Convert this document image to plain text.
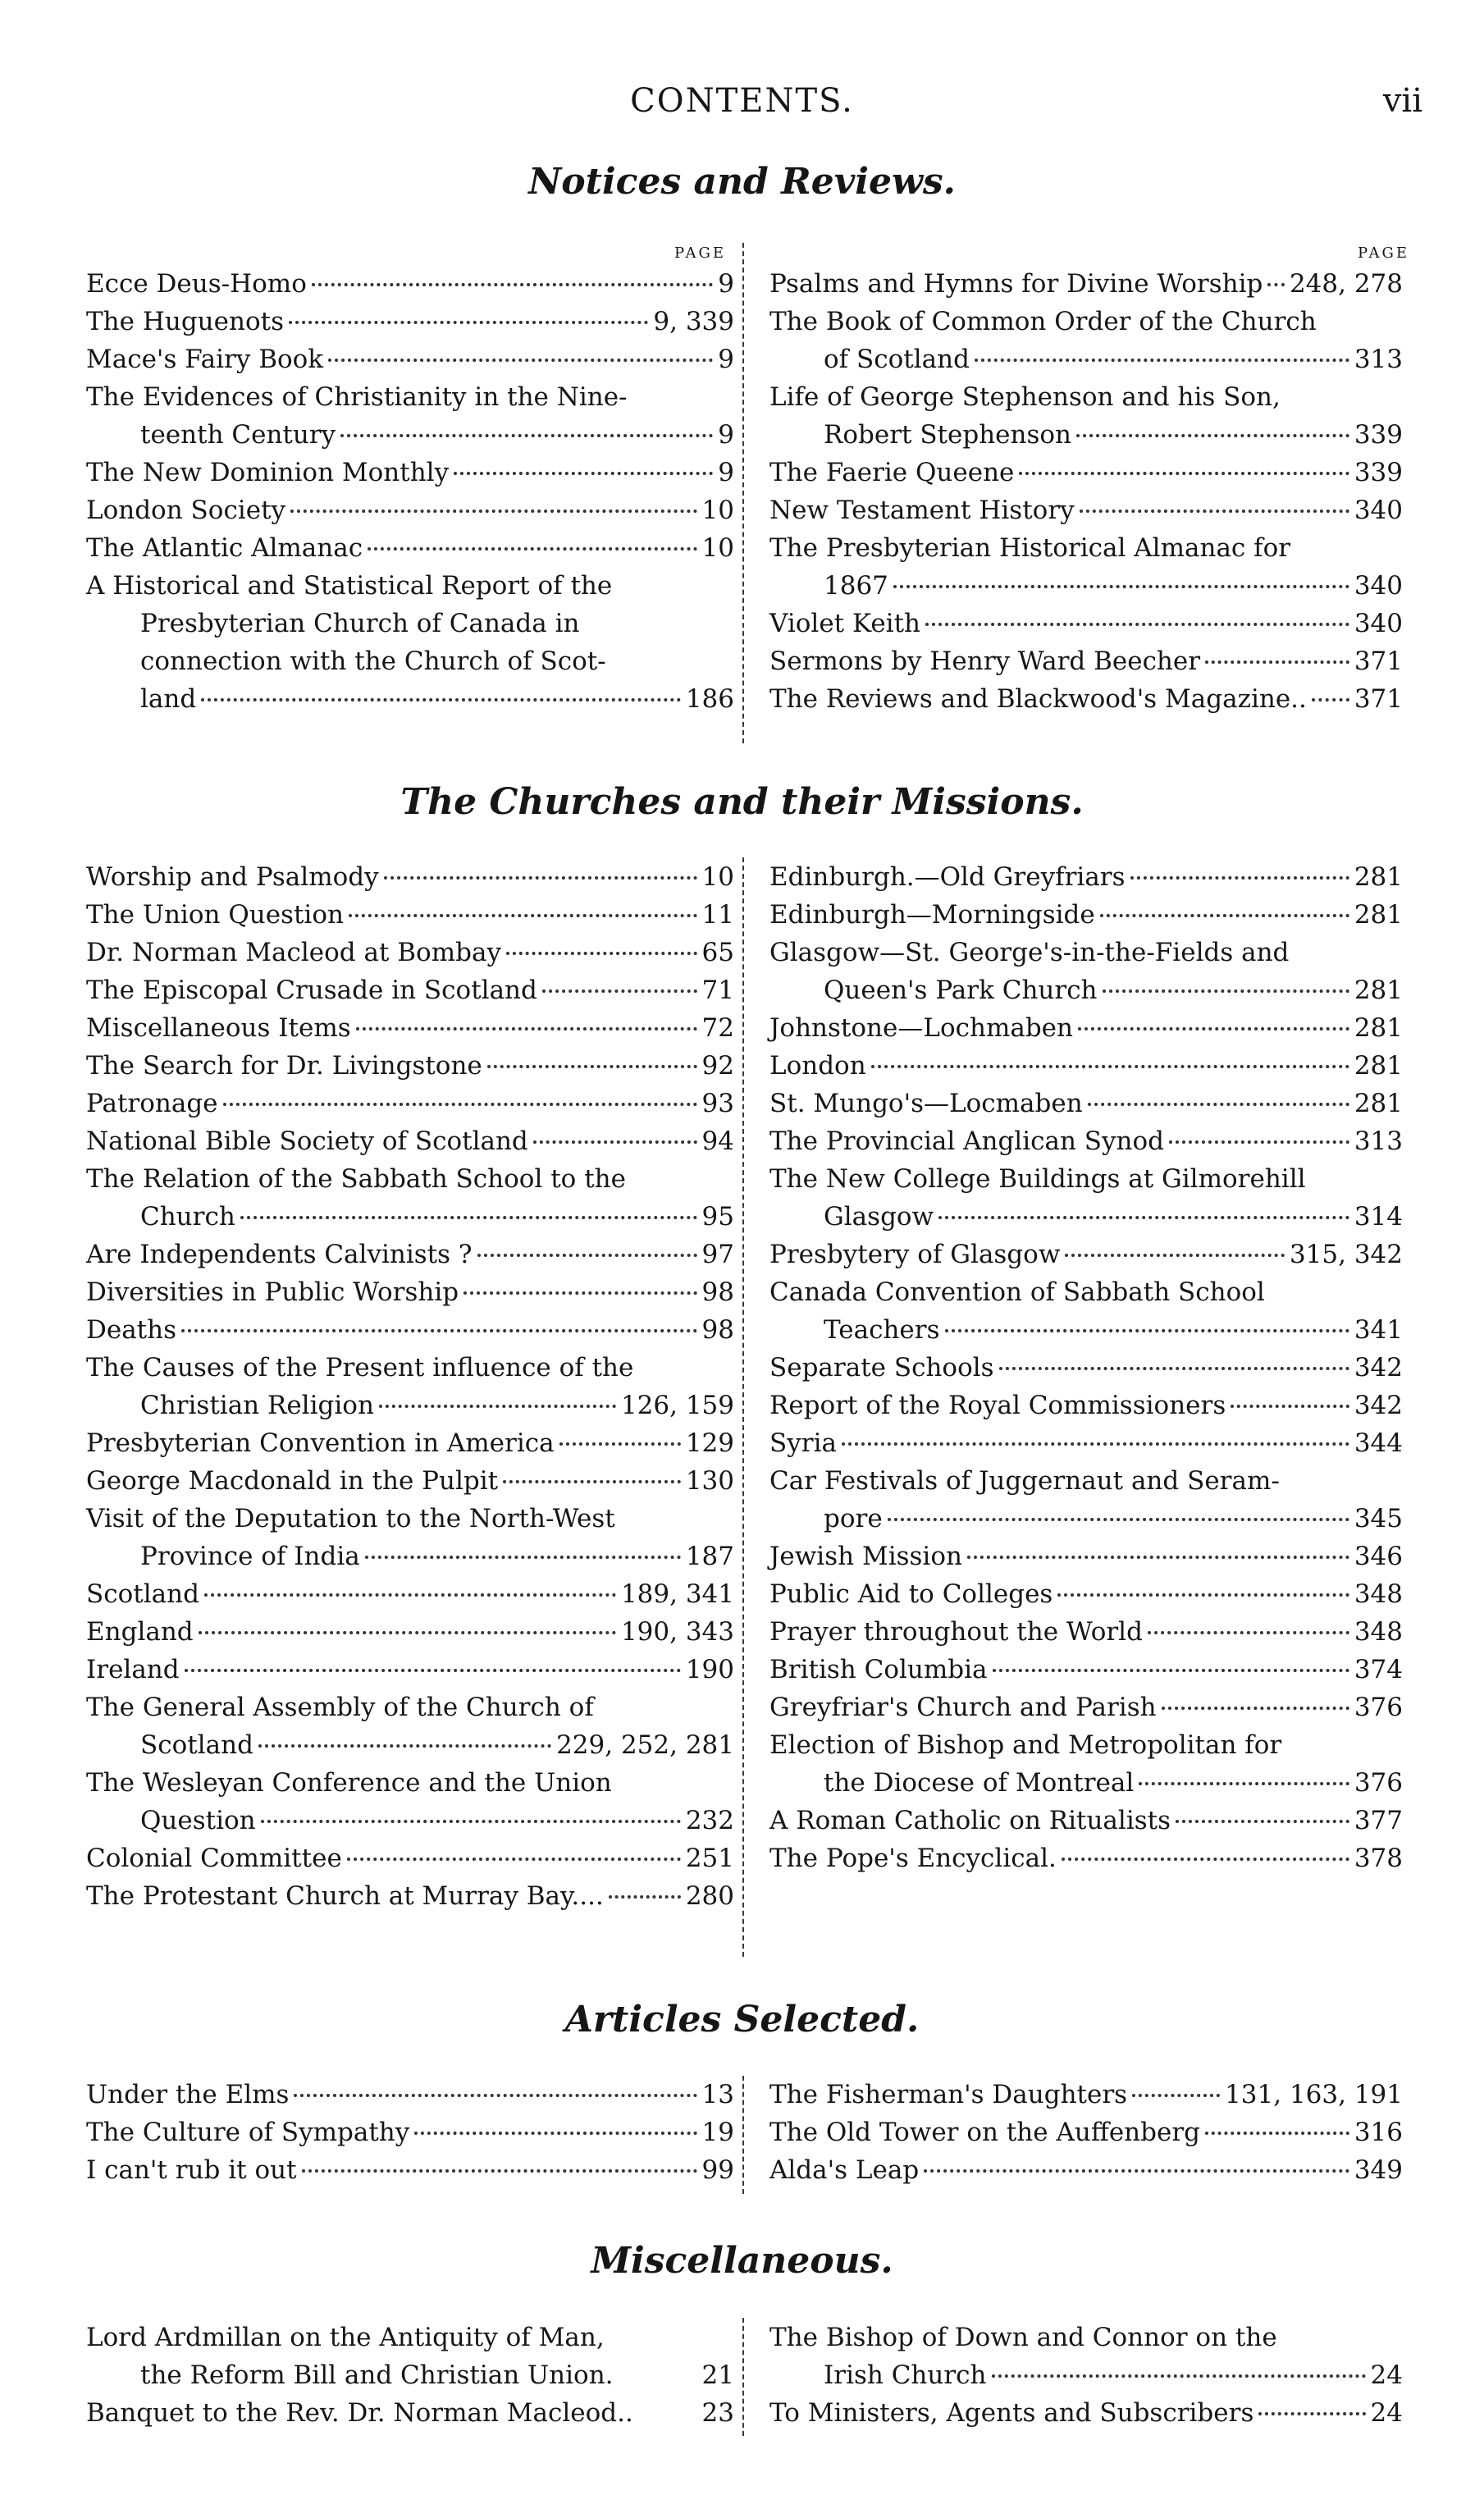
CONTENTS.	vii
Notices and Reviews.
PAGE	PAGE
Ecce Deus-Homo	9
The Huguenots	9, 339
Mace's Fairy Book	9
The Evidences of Christianity in the Nine-
teenth Century	9
The New Dominion Monthly	9
London Society	10
The Atlantic Almanac	10
A Historical and Statistical Report of the
Presbyterian Church of Canada in
connection with the Church of Scot-
land	186
Psalms and Hymns for Divine Worship 248, 278
The Book of Common Order of the Church
of Scotland	313
Life of George Stephenson and his Son,
Robert Stephenson	339
The Faerie Queene	339
New Testament History	340
The Presbyterian Historical Almanac for
1867	340
Violet Keith	340
Sermons by Henry Ward Beecher	371
The Reviews and Blackwood's Magazine.. 371
The Churches and their Missions.
Worship and Psalmody	10
The Union Question	11
Dr. Norman Macleod at Bombay	65
The Episcopal Crusade in Scotland	71
Miscellaneous Items	72
The Search for Dr. Livingstone	92
Patronage	93
National Bible Society of Scotland	94
The Relation of the Sabbath School to the
Church	95
Are Independents Calvinists ?	97
Diversities in Public Worship	98
Deaths	98
The Causes of the Present influence of the
Christian Religion	126, 159
Presbyterian Convention in America	129
George Macdonald in the Pulpit	130
Visit of the Deputation to the North-West
Province of India	187
Scotland	189, 341
England	190, 343
Ireland	190
The General Assembly of the Church of
Scotland	229, 252, 281
The Wesleyan Conference and the Union
Question	232
Colonial Committee	251
The Protestant Church at Murray Bay....	280
Edinburgh.—Old Greyfriars	281
Edinburgh—Morningside	281
Glasgow—St. George's-in-the-Fields and
Queen's Park Church	281
Johnstone—Lochmaben	281
London	281
St. Mungo's—Locmaben	281
The Provincial Anglican Synod	313
The New College Buildings at Gilmorehill
Glasgow	314
Presbytery of Glasgow	315, 342
Canada Convention of Sabbath School
Teachers	341
Separate Schools	342
Report of the Royal Commissioners	342
Syria	344
Car Festivals of Juggernaut and Seram-
pore	345
Jewish Mission	346
Public Aid to Colleges	348
Prayer throughout the World	348
British Columbia	374
Greyfriar's Church and Parish	376
Election of Bishop and Metropolitan for
the Diocese of Montreal	376
A Roman Catholic on Ritualists	377
The Pope's Encyclical.	378
Articles Selected.
Under the Elms	13
The Culture of Sympathy	19
I can't rub it out	99
The Fisherman's Daughters	131, 163, 191
The Old Tower on the Auffenberg	316
Alda's Leap	349
Miscellaneous.
Lord Ardmillan on the Antiquity of Man,
the Reform Bill and Christian Union.	21
Banquet to the Rev. Dr. Norman Macleod..	23
The Bishop of Down and Connor on the
Irish Church	24
To Ministers, Agents and Subscribers	24
